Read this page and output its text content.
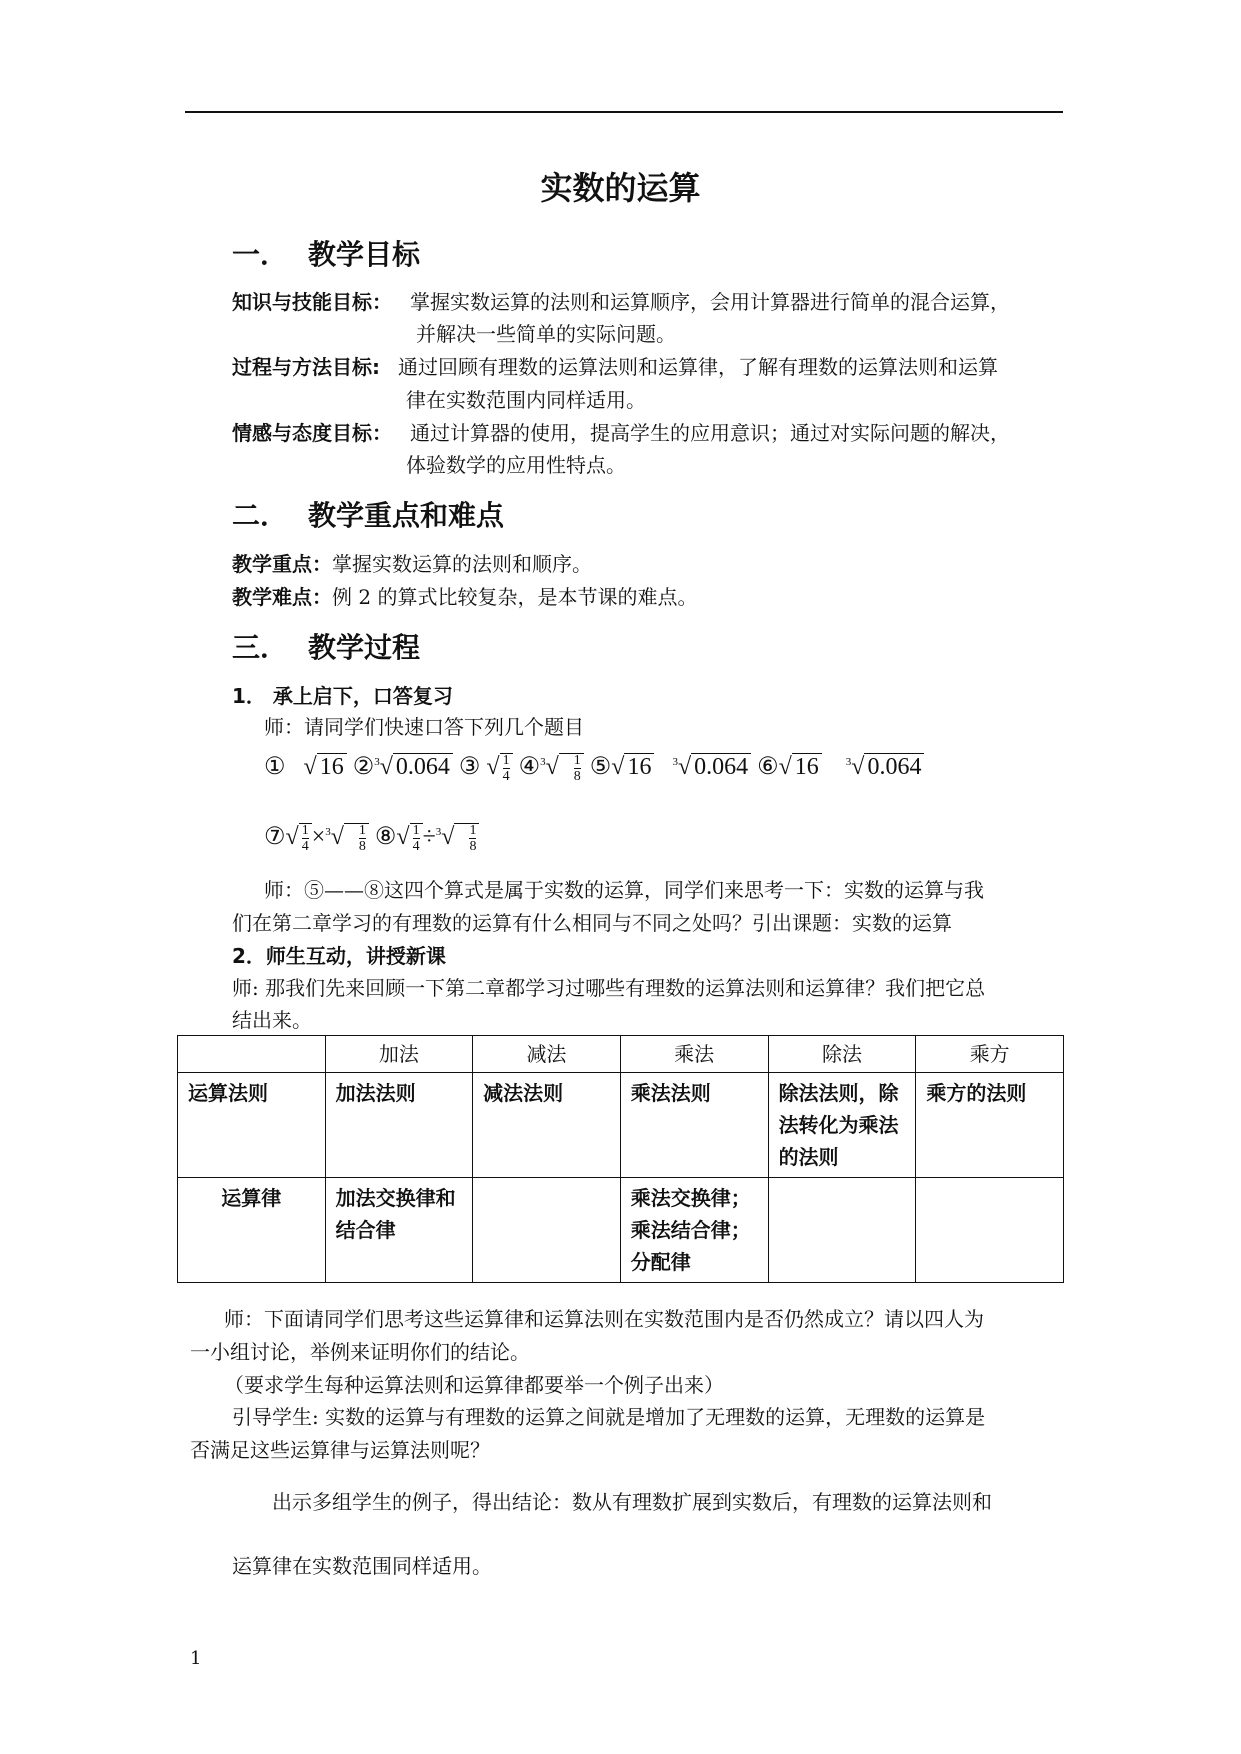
实数的运算
一． 教学目标
知识与技能目标： 掌握实数运算的法则和运算顺序，会用计算器进行简单的混合运算，
并解决一些简单的实际问题。
过程与方法目标: 通过回顾有理数的运算法则和运算律，了解有理数的运算法则和运算
律在实数范围内同样适用。
情感与态度目标： 通过计算器的使用，提高学生的应用意识；通过对实际问题的解决，
体验数学的应用性特点。
二． 教学重点和难点
教学重点：掌握实数运算的法则和顺序。
教学难点：例 2 的算式比较复杂，是本节课的难点。
三． 教学过程
1． 承上启下，口答复习
师：请同学们快速口答下列几个题目
①   √ 16 ②$^3$√ 0.064 ③ √ $\frac{1}{4}$ ④$^3$√ $\frac{1}{8}$ ⑤√ 16 $^3$√ 0.064 ⑥√ 16 $^3$√ 0.064
⑦√ $\frac{1}{4} \times^3√ \frac{1}{8}$ ⑧√ $\frac{1}{4} \div^3√ \frac{1}{8}$
师：⑤——⑧这四个算式是属于实数的运算，同学们来思考一下：实数的运算与我
们在第二章学习的有理数的运算有什么相同与不同之处吗？引出课题：实数的运算
2．师生互动，讲授新课
师: 那我们先来回顾一下第二章都学习过哪些有理数的运算法则和运算律？我们把它总
结出来。
	加法	减法	乘法	除法	乘方
运算法则	加法法则	减法法则	乘法法则	除法法则，除法转化为乘法的法则	乘方的法则
运算律	加法交换律和结合律		乘法交换律；乘法结合律；分配律		
师：下面请同学们思考这些运算律和运算法则在实数范围内是否仍然成立？请以四人为
一小组讨论，举例来证明你们的结论。
（要求学生每种运算法则和运算律都要举一个例子出来）
引导学生: 实数的运算与有理数的运算之间就是增加了无理数的运算，无理数的运算是
否满足这些运算律与运算法则呢？
出示多组学生的例子，得出结论：数从有理数扩展到实数后，有理数的运算法则和
运算律在实数范围同样适用。
1
